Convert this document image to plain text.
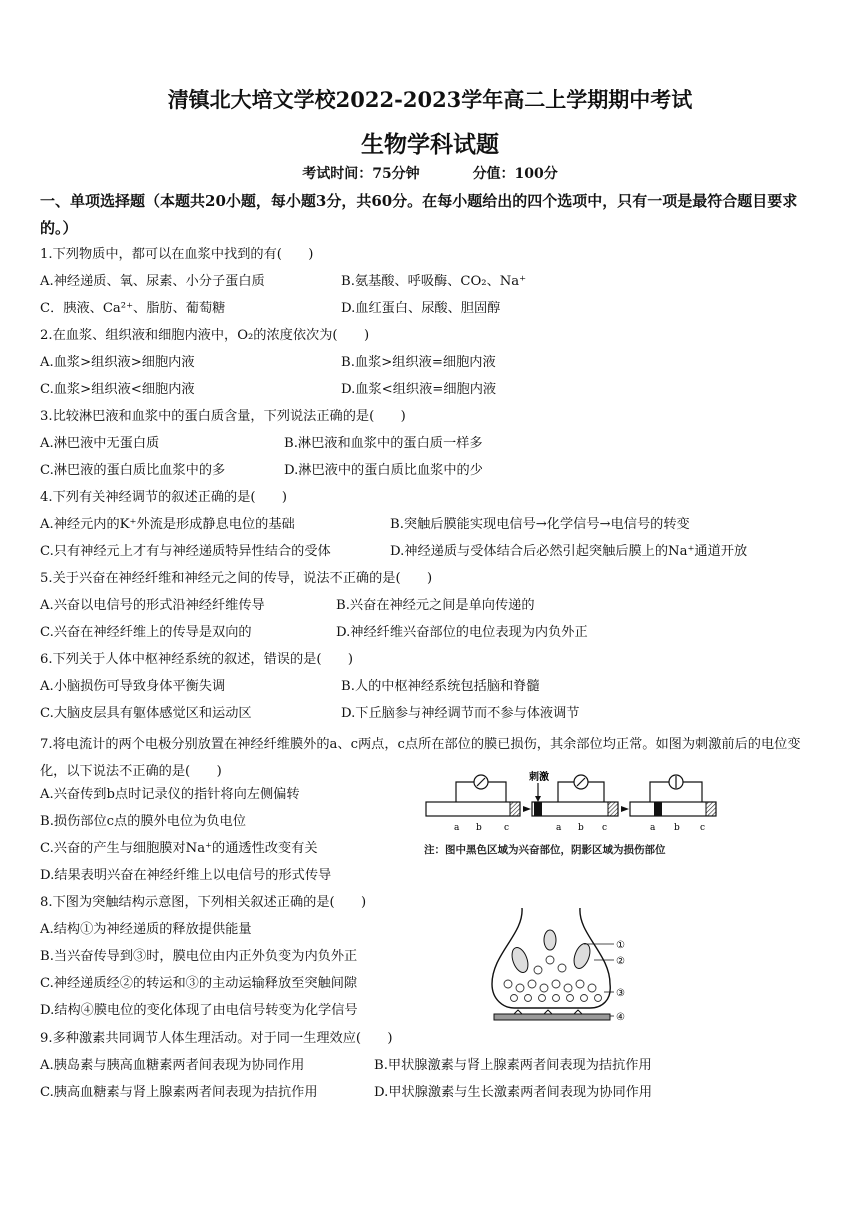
清镇北大培文学校2022-2023学年高二上学期期中考试
生物学科试题
考试时间：75分钟	分值：100分
一、单项选择题（本题共20小题，每小题3分，共60分。在每小题给出的四个选项中，只有一项是最符合题目要求的。）
1.下列物质中，都可以在血浆中找到的有(　　)
A.神经递质、氧、尿素、小分子蛋白质	B.氨基酸、呼吸酶、CO₂、Na⁺
C．胰液、Ca²⁺、脂肪、葡萄糖	D.血红蛋白、尿酸、胆固醇
2.在血浆、组织液和细胞内液中，O₂的浓度依次为(　　)
A.血浆>组织液>细胞内液	B.血浆>组织液=细胞内液
C.血浆>组织液<细胞内液	D.血浆<组织液=细胞内液
3.比较淋巴液和血浆中的蛋白质含量，下列说法正确的是(　　)
A.淋巴液中无蛋白质	B.淋巴液和血浆中的蛋白质一样多
C.淋巴液的蛋白质比血浆中的多	D.淋巴液中的蛋白质比血浆中的少
4.下列有关神经调节的叙述正确的是(　　)
A.神经元内的K⁺外流是形成静息电位的基础	B.突触后膜能实现电信号→化学信号→电信号的转变
C.只有神经元上才有与神经递质特异性结合的受体	D.神经递质与受体结合后必然引起突触后膜上的Na⁺通道开放
5.关于兴奋在神经纤维和神经元之间的传导，说法不正确的是(　　)
A.兴奋以电信号的形式沿神经纤维传导	B.兴奋在神经元之间是单向传递的
C.兴奋在神经纤维上的传导是双向的	D.神经纤维兴奋部位的电位表现为内负外正
6.下列关于人体中枢神经系统的叙述，错误的是(　　)
A.小脑损伤可导致身体平衡失调	B.人的中枢神经系统包括脑和脊髓
C.大脑皮层具有躯体感觉区和运动区	D.下丘脑参与神经调节而不参与体液调节
7.将电流计的两个电极分别放置在神经纤维膜外的a、c两点，c点所在部位的膜已损伤，其余部位均正常。如图为刺激前后的电位变化，以下说法不正确的是(　　)
A.兴奋传到b点时记录仪的指针将向左侧偏转
B.损伤部位c点的膜外电位为负电位
C.兴奋的产生与细胞膜对Na⁺的通透性改变有关
D.结果表明兴奋在神经纤维上以电信号的形式传导
a b c
刺激
a b c	a b c
注：图中黑色区域为兴奋部位，阴影区域为损伤部位
8.下图为突触结构示意图，下列相关叙述正确的是(　　)
A.结构①为神经递质的释放提供能量
B.当兴奋传导到③时，膜电位由内正外负变为内负外正
C.神经递质经②的转运和③的主动运输释放至突触间隙
D.结构④膜电位的变化体现了由电信号转变为化学信号
①
②
③
④
9.多种激素共同调节人体生理活动。对于同一生理效应(　　)
A.胰岛素与胰高血糖素两者间表现为协同作用	B.甲状腺激素与肾上腺素两者间表现为拮抗作用
C.胰高血糖素与肾上腺素两者间表现为拮抗作用	D.甲状腺激素与生长激素两者间表现为协同作用
